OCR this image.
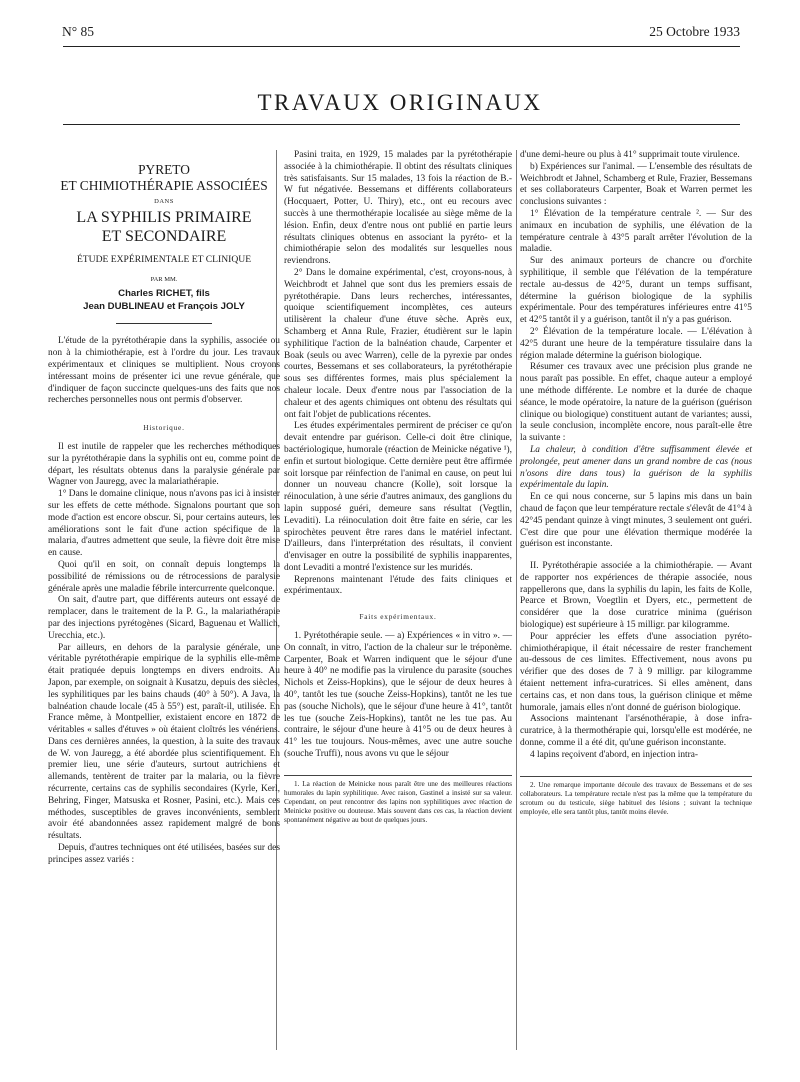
N° 85	25 Octobre 1933
TRAVAUX ORIGINAUX
PYRETO
ET CHIMIOTHÉRAPIE ASSOCIÉES
DANS
LA SYPHILIS PRIMAIRE
ET SECONDAIRE
ÉTUDE EXPÉRIMENTALE ET CLINIQUE
PAR MM.
Charles RICHET, fils
Jean DUBLINEAU et François JOLY

L'étude de la pyrétothérapie dans la syphilis, associée ou non à la chimiothérapie, est à l'ordre du jour. Les travaux expérimentaux et cliniques se multiplient. Nous croyons intéressant moins de présenter ici une revue générale, que d'indiquer de façon succincte quelques-uns des faits que nos recherches personnelles nous ont permis d'observer.

Historique.

Il est inutile de rappeler que les recherches méthodiques sur la pyrétothérapie dans la syphilis ont eu, comme point de départ, les résultats obtenus dans la paralysie générale par Wagner von Jauregg, avec la malariathérapie.

1° Dans le domaine clinique, nous n'avons pas ici à insister sur les effets de cette méthode. Signalons pourtant que son mode d'action est encore obscur. Si, pour certains auteurs, les améliorations sont le fait d'une action spécifique de la malaria, d'autres admettent que seule, la fièvre doit être mise en cause.

Quoi qu'il en soit, on connaît depuis longtemps la possibilité de rémissions ou de rétrocessions de paralysie générale après une maladie fébrile intercurrente quelconque.

On sait, d'autre part, que différents auteurs ont essayé de remplacer, dans le traitement de la P. G., la malariathérapie par des injections pyrétogènes (Sicard, Baguenau et Wallich, Urecchia, etc.).

Par ailleurs, en dehors de la paralysie générale, une véritable pyrétothérapie empirique de la syphilis elle-même était pratiquée depuis longtemps en divers endroits. Au Japon, par exemple, on soignait à Kusatzu, depuis des siècles, les syphilitiques par les bains chauds (40° à 50°). A Java, la balnéation chaude locale (45 à 55°) est, paraît-il, utilisée. En France même, à Montpellier, existaient encore en 1872 de véritables « salles d'étuves » où étaient cloîtrés les vénériens. Dans ces dernières années, la question, à la suite des travaux de W. von Jauregg, a été abordée plus scientifiquement. En premier lieu, une série d'auteurs, surtout autrichiens et allemands, tentèrent de traiter par la malaria, ou la fièvre récurrente, certains cas de syphilis secondaires (Kyrle, Kerl, Behring, Finger, Matsuska et Rosner, Pasini, etc.). Mais ces méthodes, susceptibles de graves inconvénients, semblent avoir été abandonnées assez rapidement malgré de bons résultats.

Depuis, d'autres techniques ont été utilisées, basées sur des principes assez variés :

Pasini traita, en 1929, 15 malades par la pyrétothérapie associée à la chimiothérapie. Il obtint des résultats cliniques très satisfaisants. Sur 15 malades, 13 fois la réaction de B.-W fut négativée. Bessemans et différents collaborateurs (Hocquaert, Potter, U. Thiry), etc., ont eu recours avec succès à une thermothérapie localisée au siège même de la lésion. Enfin, deux d'entre nous ont publié en partie leurs résultats cliniques obtenus en associant la pyréto- et la chimiothérapie selon des modalités sur lesquelles nous reviendrons.

2° Dans le domaine expérimental, c'est, croyons-nous, à Weichbrodt et Jahnel que sont dus les premiers essais de pyrétothérapie. Dans leurs recherches, intéressantes, quoique scientifiquement incomplètes, ces auteurs utilisèrent la chaleur d'une étuve sèche. Après eux, Schamberg et Anna Rule, Frazier, étudièrent sur le lapin syphilitique l'action de la balnéation chaude, Carpenter et Boak (seuls ou avec Warren), celle de la pyrexie par ondes courtes, Bessemans et ses collaborateurs, la pyrétothérapie sous ses différentes formes, mais plus spécialement la chaleur locale. Deux d'entre nous par l'association de la chaleur et des agents chimiques ont obtenu des résultats qui ont fait l'objet de publications récentes.

Les études expérimentales permirent de préciser ce qu'on devait entendre par guérison. Celle-ci doit être clinique, bactériologique, humorale (réaction de Meinicke négative ¹), enfin et surtout biologique. Cette dernière peut être affirmée soit lorsque par réinfection de l'animal en cause, on peut lui donner un nouveau chancre (Kolle), soit lorsque la réinoculation, à une série d'autres animaux, des ganglions du lapin supposé guéri, demeure sans résultat (Vegtlin, Levaditi). La réinoculation doit être faite en série, car les spirochètes peuvent être rares dans le matériel infectant. D'ailleurs, dans l'interprétation des résultats, il convient d'envisager en outre la possibilité de syphilis inapparentes, dont Levaditi a montré l'existence sur les muridés.

Reprenons maintenant l'étude des faits cliniques et expérimentaux.

Faits expérimentaux.

1. Pyrétothérapie seule. — a) Expériences « in vitro ». — On connaît, in vitro, l'action de la chaleur sur le tréponème. Carpenter, Boak et Warren indiquent que le séjour d'une heure à 40° ne modifie pas la virulence du parasite (souches Nichols et Zeiss-Hopkins), que le séjour de deux heures à 40°, tantôt les tue (souche Zeiss-Hopkins), tantôt ne les tue pas (souche Nichols), que le séjour d'une heure à 41°, tantôt les tue (souche Zeis-Hopkins), tantôt ne les tue pas. Au contraire, le séjour d'une heure à 41°5 ou de deux heures à 41° les tue toujours. Nous-mêmes, avec une autre souche (souche Truffi), nous avons vu que le séjour

1. La réaction de Meinicke nous paraît être une des meilleures réactions humorales du lapin syphilitique. Avec raison, Gastinel a insisté sur sa valeur. Cependant, on peut rencontrer des lapins non syphilitiques avec réaction de Meinicke positive ou douteuse. Mais souvent dans ces cas, la réaction devient spontanément négative au bout de quelques jours.

d'une demi-heure ou plus à 41° supprimait toute virulence.

b) Expériences sur l'animal. — L'ensemble des résultats de Weichbrodt et Jahnel, Schamberg et Rule, Frazier, Bessemans et ses collaborateurs Carpenter, Boak et Warren permet les conclusions suivantes :

1° Élévation de la température centrale ². — Sur des animaux en incubation de syphilis, une élévation de la température centrale à 43°5 paraît arrêter l'évolution de la maladie.

Sur des animaux porteurs de chancre ou d'orchite syphilitique, il semble que l'élévation de la température rectale au-dessus de 42°5, durant un temps suffisant, détermine la guérison biologique de la syphilis expérimentale. Pour des températures inférieures entre 41°5 et 42°5 tantôt il y a guérison, tantôt il n'y a pas guérison.

2° Élévation de la température locale. — L'élévation à 42°5 durant une heure de la température tissulaire dans la région malade détermine la guérison biologique.

Résumer ces travaux avec une précision plus grande ne nous paraît pas possible. En effet, chaque auteur a employé une méthode différente. Le nombre et la durée de chaque séance, le mode opératoire, la nature de la guérison (guérison clinique ou biologique) constituent autant de variantes; aussi, la seule conclusion, incomplète encore, nous paraît-elle être la suivante :

La chaleur, à condition d'être suffisamment élevée et prolongée, peut amener dans un grand nombre de cas (nous n'osons dire dans tous) la guérison de la syphilis expérimentale du lapin.

En ce qui nous concerne, sur 5 lapins mis dans un bain chaud de façon que leur température rectale s'élevât de 41°4 à 42°45 pendant quinze à vingt minutes, 3 seulement ont guéri. C'est dire que pour une élévation thermique modérée la guérison est inconstante.

II. Pyrétothérapie associée a la chimiothérapie. — Avant de rapporter nos expériences de thérapie associée, nous rappellerons que, dans la syphilis du lapin, les faits de Kolle, Pearce et Brown, Voegtlin et Dyers, etc., permettent de considérer que la dose curatrice minima (guérison biologique) est supérieure à 15 milligr. par kilogramme.

Pour apprécier les effets d'une association pyréto-chimiothérapique, il était nécessaire de rester franchement au-dessous de ces limites. Effectivement, nous avons pu vérifier que des doses de 7 à 9 milligr. par kilogramme étaient nettement infra-curatrices. Si elles amènent, dans certains cas, et non dans tous, la guérison clinique et même humorale, jamais elles n'ont donné de guérison biologique.

Associons maintenant l'arsénothérapie, à dose infra-curatrice, à la thermothérapie qui, lorsqu'elle est modérée, ne donne, comme il a été dit, qu'une guérison inconstante.

4 lapins reçoivent d'abord, en injection intra-

2. Une remarque importante découle des travaux de Bessemans et de ses collaborateurs. La température rectale n'est pas la même que la température du scrotum ou du testicule, siège habituel des lésions ; suivant la technique employée, elle sera tantôt plus, tantôt moins élevée.
